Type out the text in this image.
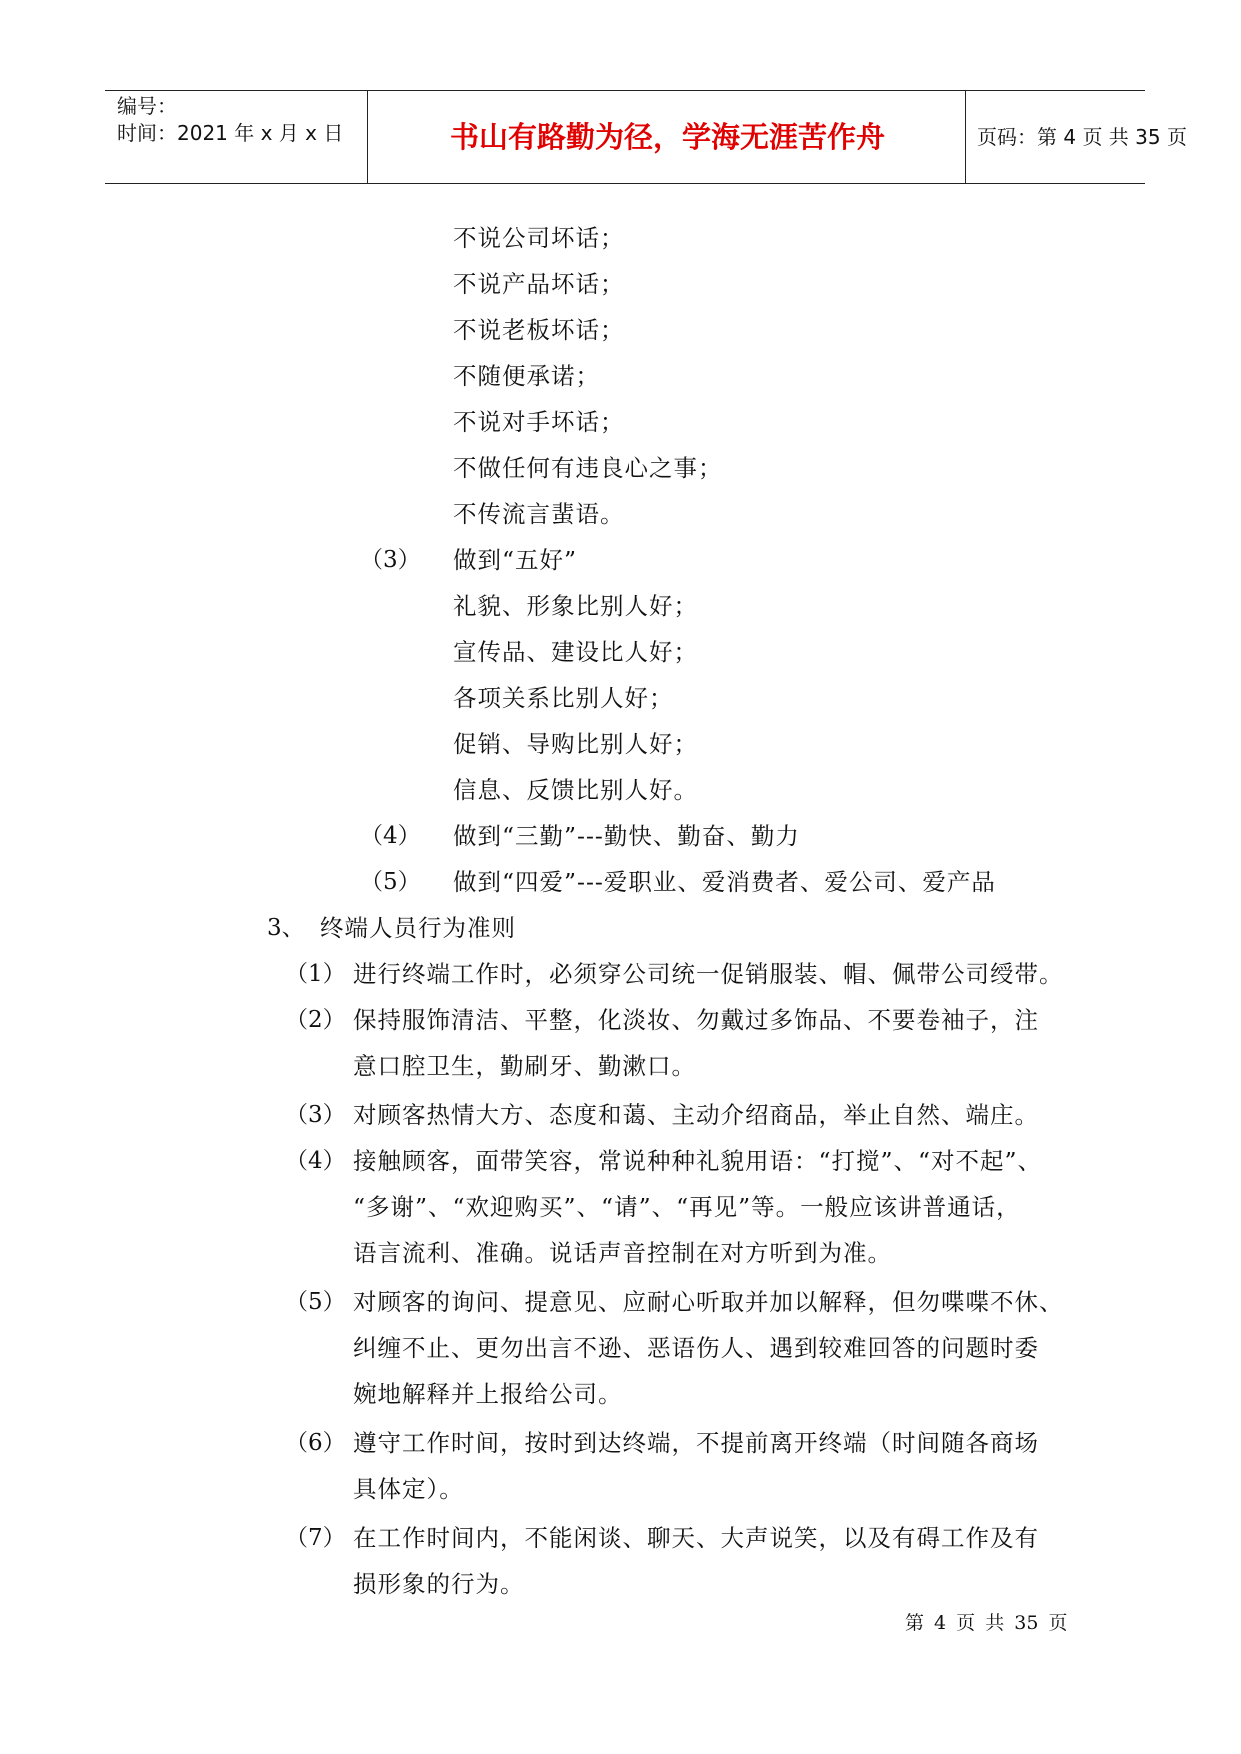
编号：
时间：2021 年 x 月 x 日	书山有路勤为径，学海无涯苦作舟	页码：第 4 页 共 35 页
不说公司坏话；
不说产品坏话；
不说老板坏话；
不随便承诺；
不说对手坏话；
不做任何有违良心之事；
不传流言蜚语。
（3） 做到“五好”
礼貌、形象比别人好；
宣传品、建设比人好；
各项关系比别人好；
促销、导购比别人好；
信息、反馈比别人好。
（4） 做到“三勤”---勤快、勤奋、勤力
（5） 做到“四爱”---爱职业、爱消费者、爱公司、爱产品
3、 终端人员行为准则
（1） 进行终端工作时，必须穿公司统一促销服装、帽、佩带公司绶带。
（2） 保持服饰清洁、平整，化淡妆、勿戴过多饰品、不要卷袖子，注
意口腔卫生，勤刷牙、勤漱口。
（3） 对顾客热情大方、态度和蔼、主动介绍商品，举止自然、端庄。
（4） 接触顾客，面带笑容，常说种种礼貌用语：“打搅”、“对不起”、
“多谢”、“欢迎购买”、“请”、“再见”等。一般应该讲普通话，
语言流利、准确。说话声音控制在对方听到为准。
（5） 对顾客的询问、提意见、应耐心听取并加以解释，但勿喋喋不休、
纠缠不止、更勿出言不逊、恶语伤人、遇到较难回答的问题时委
婉地解释并上报给公司。
（6） 遵守工作时间，按时到达终端，不提前离开终端（时间随各商场
具体定）。
（7） 在工作时间内，不能闲谈、聊天、大声说笑，以及有碍工作及有
损形象的行为。
第 4 页 共 35 页
